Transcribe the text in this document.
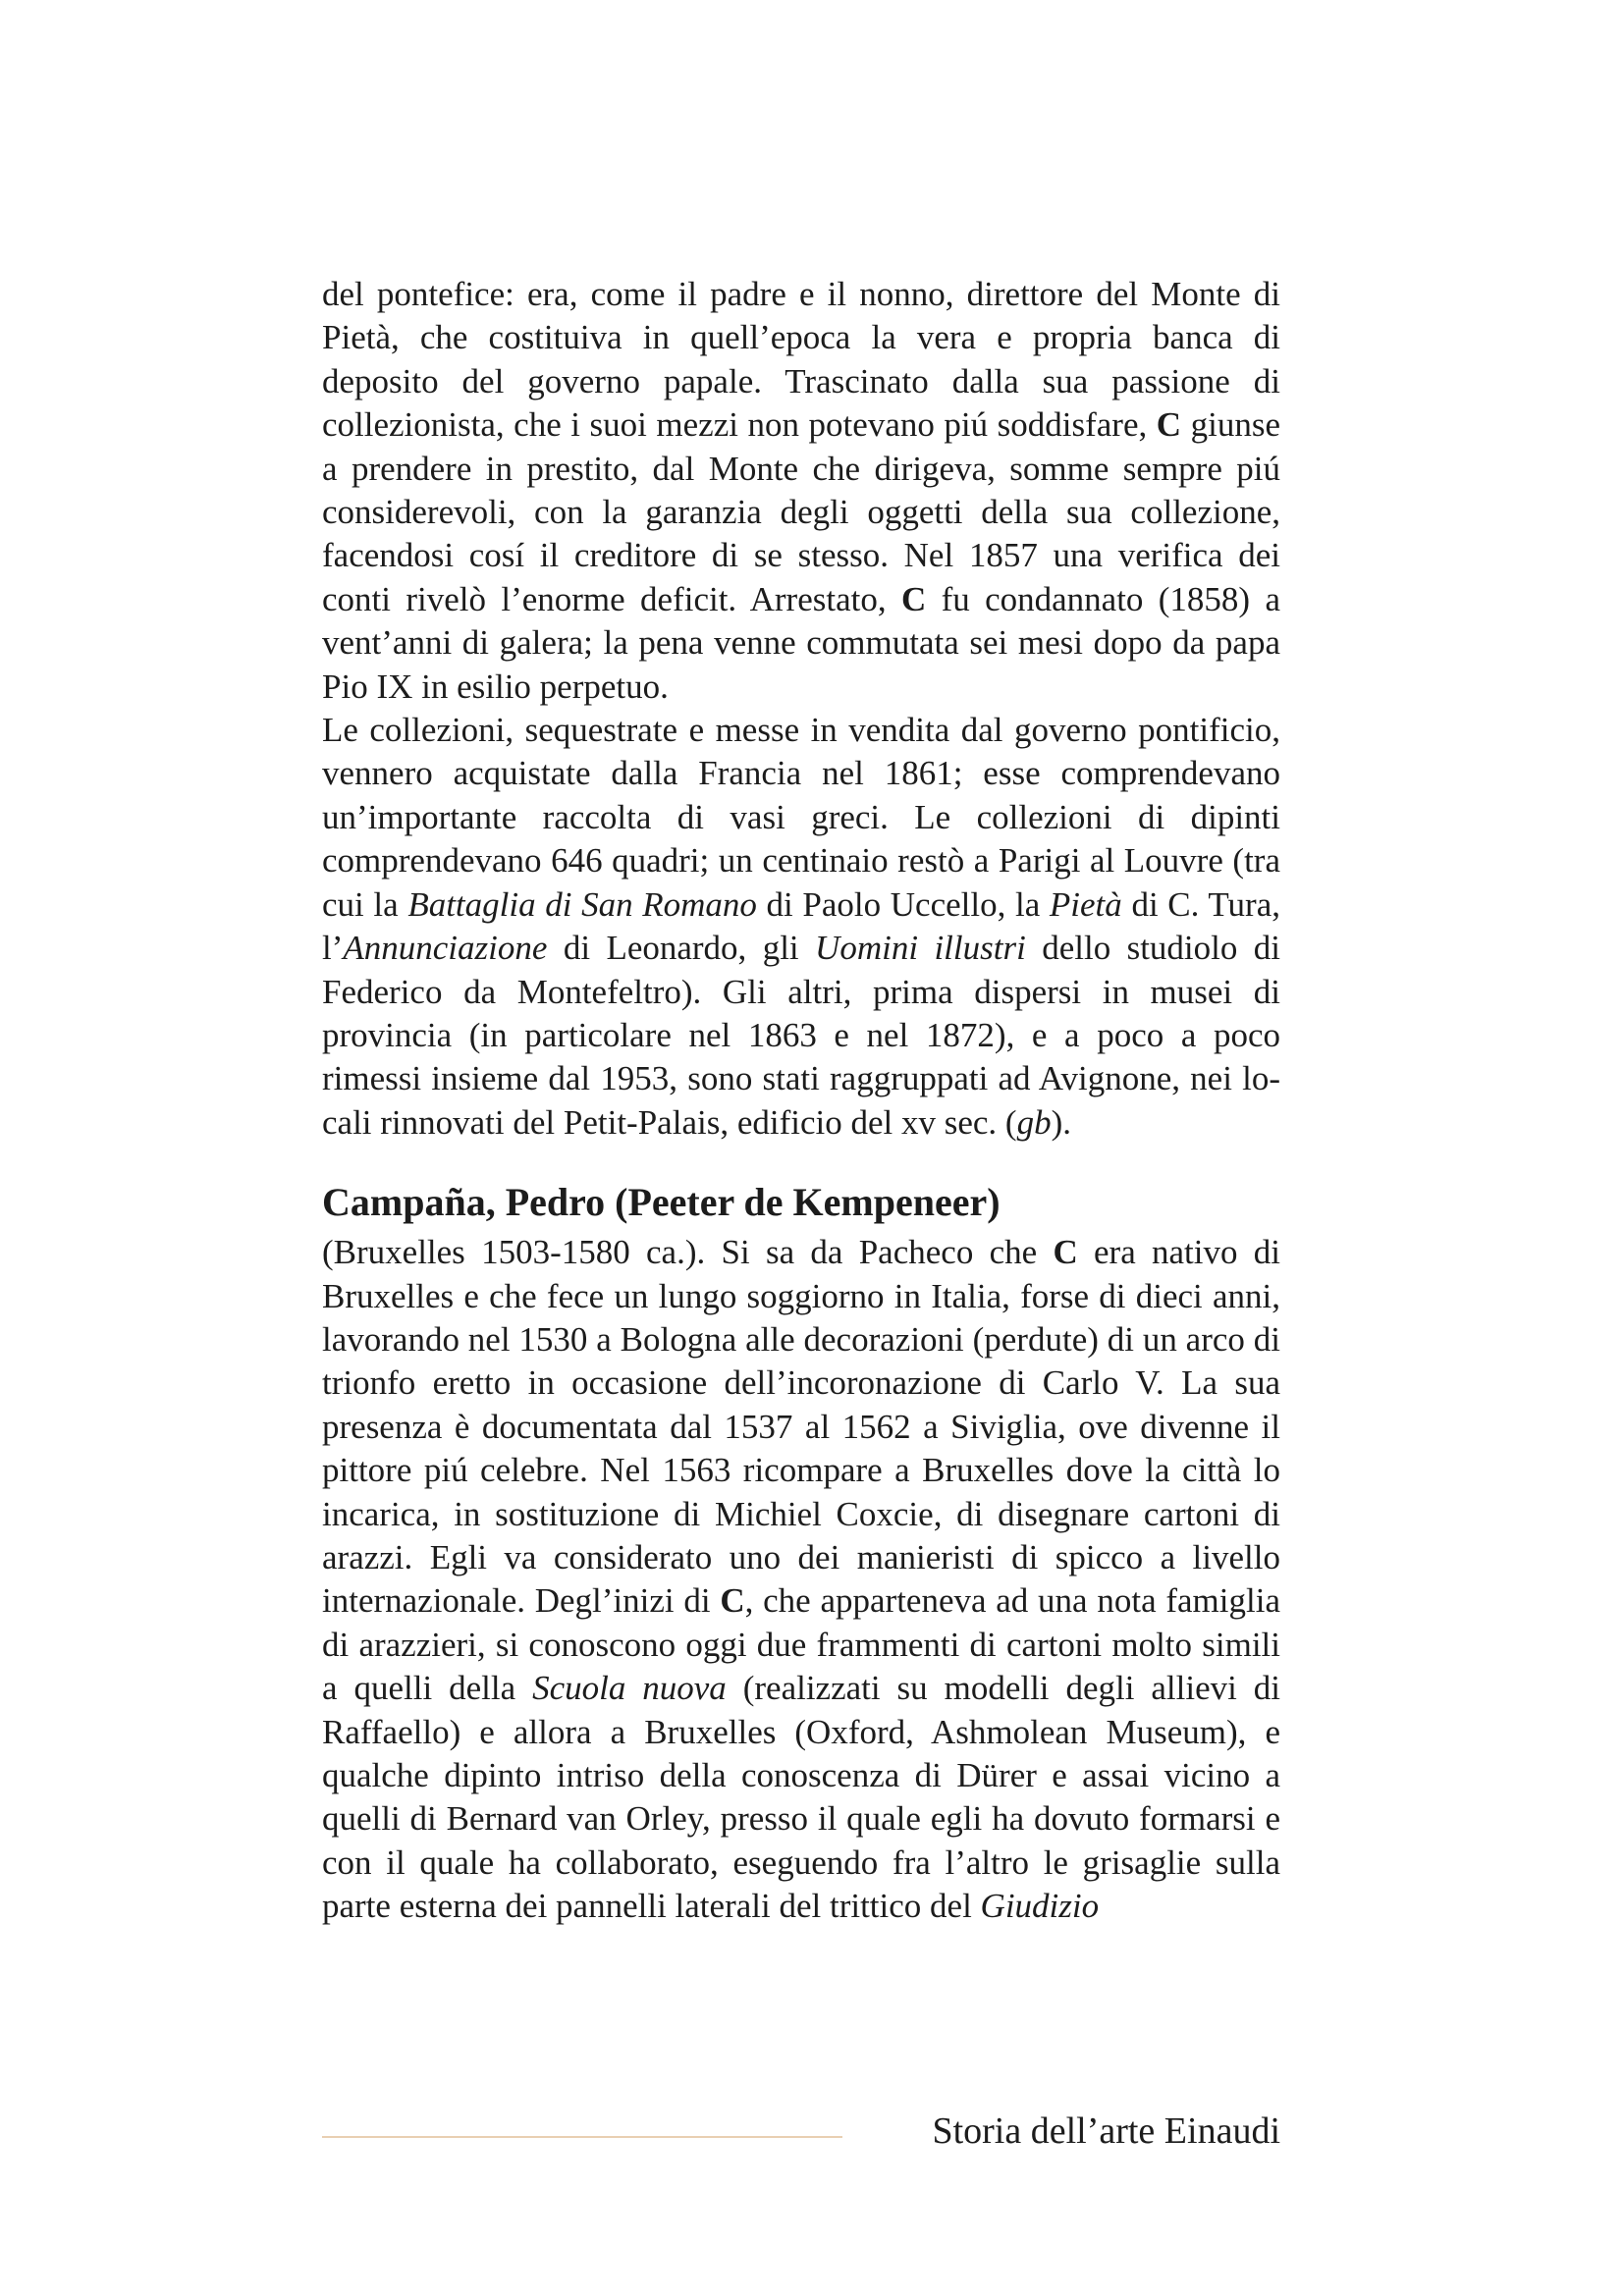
del pontefice: era, come il padre e il nonno, direttore del Monte di Pietà, che costituiva in quell’epoca la vera e propria banca di deposito del governo papale. Trascinato dalla sua passione di collezionista, che i suoi mezzi non potevano piú soddisfare, C giunse a prendere in prestito, dal Monte che dirigeva, somme sempre piú considerevoli, con la garanzia degli oggetti della sua collezione, facendosi cosí il creditore di se stesso. Nel 1857 una verifica dei conti rivelò l’enorme deficit. Arrestato, C fu condannato (1858) a vent’anni di galera; la pena venne commutata sei mesi dopo da papa Pio IX in esilio perpetuo.

Le collezioni, sequestrate e messe in vendita dal governo pontificio, vennero acquistate dalla Francia nel 1861; esse comprendevano un’importante raccolta di vasi greci. Le collezioni di dipinti comprendevano 646 quadri; un centinaio restò a Parigi al Louvre (tra cui la Battaglia di San Romano di Paolo Uccello, la Pietà di C. Tura, l’Annunciazione di Leonardo, gli Uomini illustri dello studiolo di Federico da Montefeltro). Gli altri, prima dispersi in musei di provincia (in particolare nel 1863 e nel 1872), e a poco a poco rimessi insieme dal 1953, sono stati raggruppati ad Avignone, nei locali rinnovati del Petit-Palais, edificio del xv sec. (gb).

Campaña, Pedro (Peeter de Kempeneer)

(Bruxelles 1503-1580 ca.). Si sa da Pacheco che C era nativo di Bruxelles e che fece un lungo soggiorno in Italia, forse di dieci anni, lavorando nel 1530 a Bologna alle decorazioni (perdute) di un arco di trionfo eretto in occasione dell’incoronazione di Carlo V. La sua presenza è documentata dal 1537 al 1562 a Siviglia, ove divenne il pittore piú celebre. Nel 1563 ricompare a Bruxelles dove la città lo incarica, in sostituzione di Michiel Coxcie, di disegnare cartoni di arazzi. Egli va considerato uno dei manieristi di spicco a livello internazionale. Degl’inizi di C, che apparteneva ad una nota famiglia di arazzieri, si conoscono oggi due frammenti di cartoni molto simili a quelli della Scuola nuova (realizzati su modelli degli allievi di Raffaello) e allora a Bruxelles (Oxford, Ashmolean Museum), e qualche dipinto intriso della conoscenza di Dürer e assai vicino a quelli di Bernard van Orley, presso il quale egli ha dovuto formarsi e con il quale ha collaborato, eseguendo fra l’altro le grisaglie sulla parte esterna dei pannelli laterali del trittico del Giudizio

Storia dell’arte Einaudi
